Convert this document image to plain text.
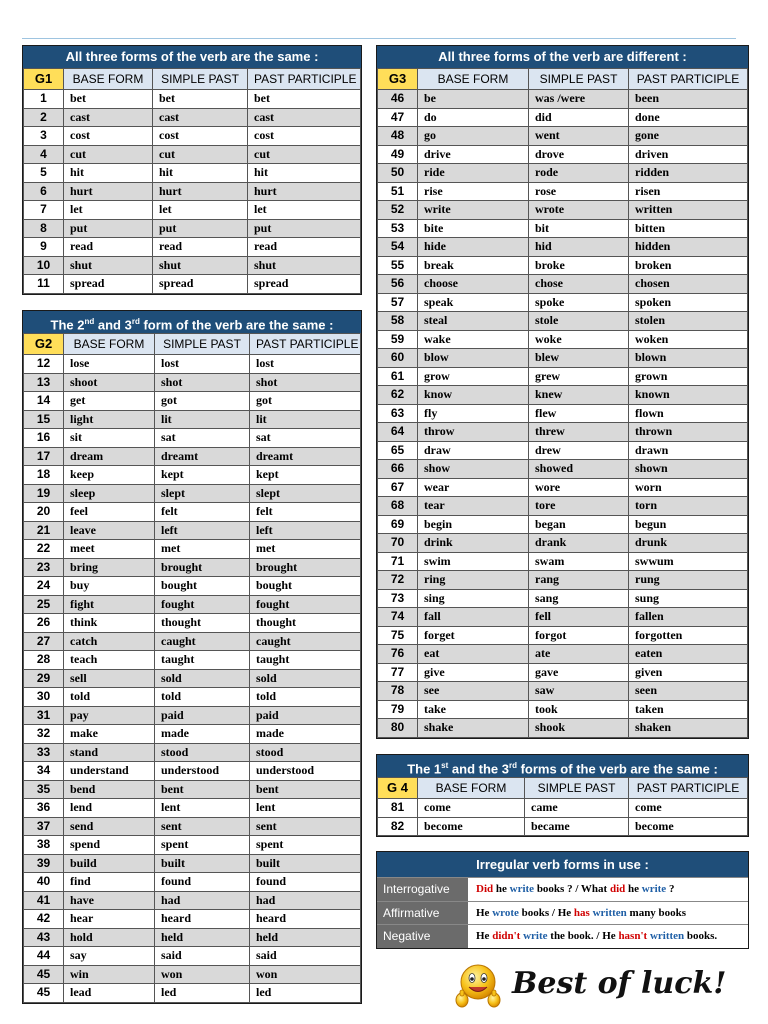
All three forms of the verb are the same :
G1	BASE FORM	SIMPLE PAST	PAST PARTICIPLE
1	bet	bet	bet
2	cast	cast	cast
3	cost	cost	cost
4	cut	cut	cut
5	hit	hit	hit
6	hurt	hurt	hurt
7	let	let	let
8	put	put	put
9	read	read	read
10	shut	shut	shut
11	spread	spread	spread
The 2nd and 3rd form of the verb are the same :
G2	BASE FORM	SIMPLE PAST	PAST PARTICIPLE
12	lose	lost	lost
13	shoot	shot	shot
14	get	got	got
15	light	lit	lit
16	sit	sat	sat
17	dream	dreamt	dreamt
18	keep	kept	kept
19	sleep	slept	slept
20	feel	felt	felt
21	leave	left	left
22	meet	met	met
23	bring	brought	brought
24	buy	bought	bought
25	fight	fought	fought
26	think	thought	thought
27	catch	caught	caught
28	teach	taught	taught
29	sell	sold	sold
30	told	told	told
31	pay	paid	paid
32	make	made	made
33	stand	stood	stood
34	understand	understood	understood
35	bend	bent	bent
36	lend	lent	lent
37	send	sent	sent
38	spend	spent	spent
39	build	built	built
40	find	found	found
41	have	had	had
42	hear	heard	heard
43	hold	held	held
44	say	said	said
45	win	won	won
45	lead	led	led
All three forms of the verb are different :
G3	BASE FORM	SIMPLE PAST	PAST PARTICIPLE
46	be	was /were	been
47	do	did	done
48	go	went	gone
49	drive	drove	driven
50	ride	rode	ridden
51	rise	rose	risen
52	write	wrote	written
53	bite	bit	bitten
54	hide	hid	hidden
55	break	broke	broken
56	choose	chose	chosen
57	speak	spoke	spoken
58	steal	stole	stolen
59	wake	woke	woken
60	blow	blew	blown
61	grow	grew	grown
62	know	knew	known
63	fly	flew	flown
64	throw	threw	thrown
65	draw	drew	drawn
66	show	showed	shown
67	wear	wore	worn
68	tear	tore	torn
69	begin	began	begun
70	drink	drank	drunk
71	swim	swam	swwum
72	ring	rang	rung
73	sing	sang	sung
74	fall	fell	fallen
75	forget	forgot	forgotten
76	eat	ate	eaten
77	give	gave	given
78	see	saw	seen
79	take	took	taken
80	shake	shook	shaken
The 1st and the 3rd forms of the verb are the same :
G 4	BASE FORM	SIMPLE PAST	PAST PARTICIPLE
81	come	came	come
82	become	became	become
Irregular verb forms in use :
Interrogative	Did he write books ? / What did he write ?
Affirmative	He wrote books / He has written many books
Negative	He didn't write the book. / He hasn't written books.
Best of luck!
